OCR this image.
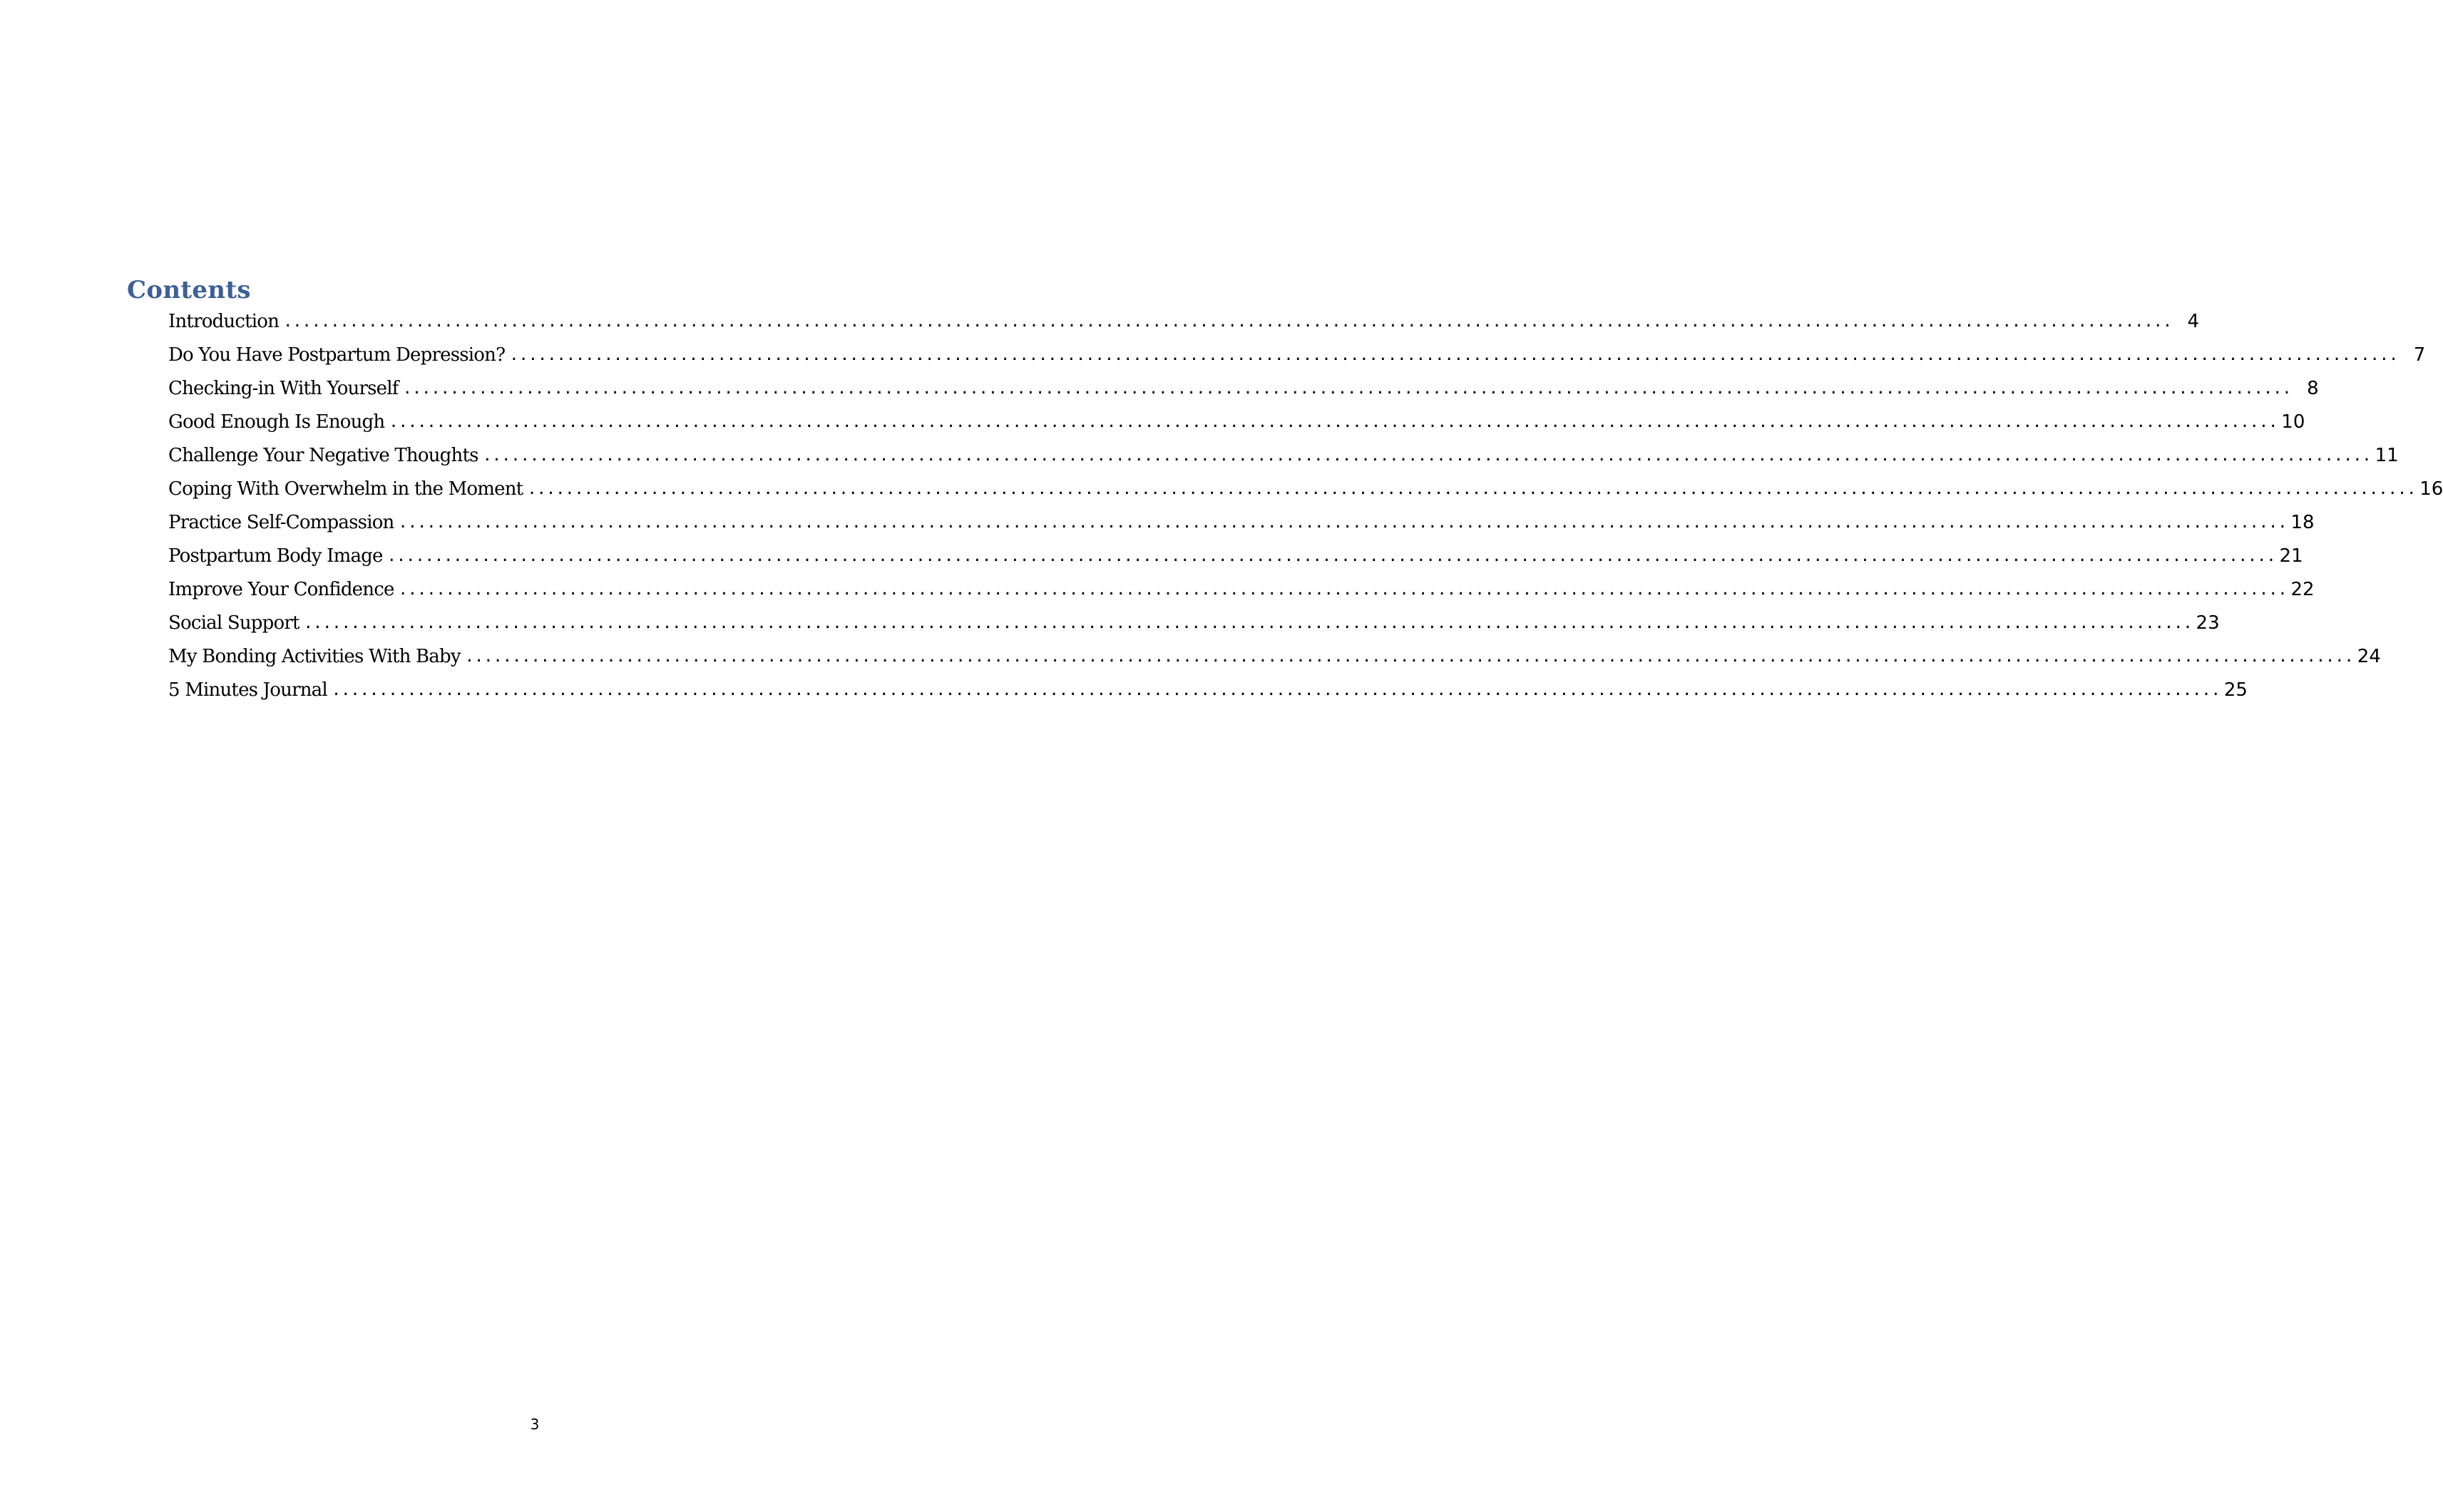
Contents
Introduction ........................................................................................................................................................................................................ 4
Do You Have Postpartum Depression? ........................................................................................................................................................................................................ 7
Checking-in With Yourself ........................................................................................................................................................................................................ 8
Good Enough Is Enough ........................................................................................................................................................................................................ 10
Challenge Your Negative Thoughts ........................................................................................................................................................................................................ 11
Coping With Overwhelm in the Moment ........................................................................................................................................................................................................ 16
Practice Self-Compassion ........................................................................................................................................................................................................ 18
Postpartum Body Image ........................................................................................................................................................................................................ 21
Improve Your Confidence ........................................................................................................................................................................................................ 22
Social Support ........................................................................................................................................................................................................ 23
My Bonding Activities With Baby ........................................................................................................................................................................................................ 24
5 Minutes Journal ........................................................................................................................................................................................................ 25
3
